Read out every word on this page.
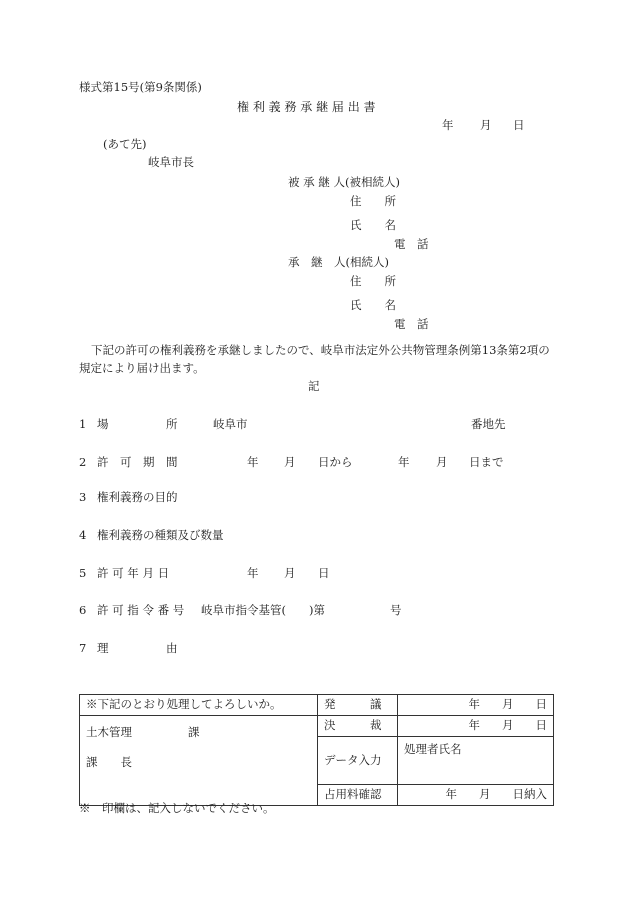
様式第15号(第9条関係)
権 利 義 務 承 継 届 出 書
年 月 日
(あて先)
岐阜市長
被 承 継 人(被相続人)
住　　所
氏　　名
電　話
承　継　人(相続人)
住　　所
氏　　名
電　話
下記の許可の権利義務を承継しましたので、岐阜市法定外公共物管理条例第13条第2項の
規定により届け出ます。
記
1 場	所	岐阜市	番地先
2 許　可　期　間	年 月 日から	年 月 日まで
3 権利義務の目的
4 権利義務の種類及び数量
5 許 可 年 月 日	年 月 日
6 許 可 指 令 番 号 岐阜市指令基管(　　)第	号
7 理	由
※下記のとおり処理してよろしいか。	発　　　議	年 月 日

土木管理 課
課　　長	決　　　裁	年 月 日

	データ入力	処理者氏名
	占用料確認	年 月 日納入
※　印欄は、記入しないでください。
